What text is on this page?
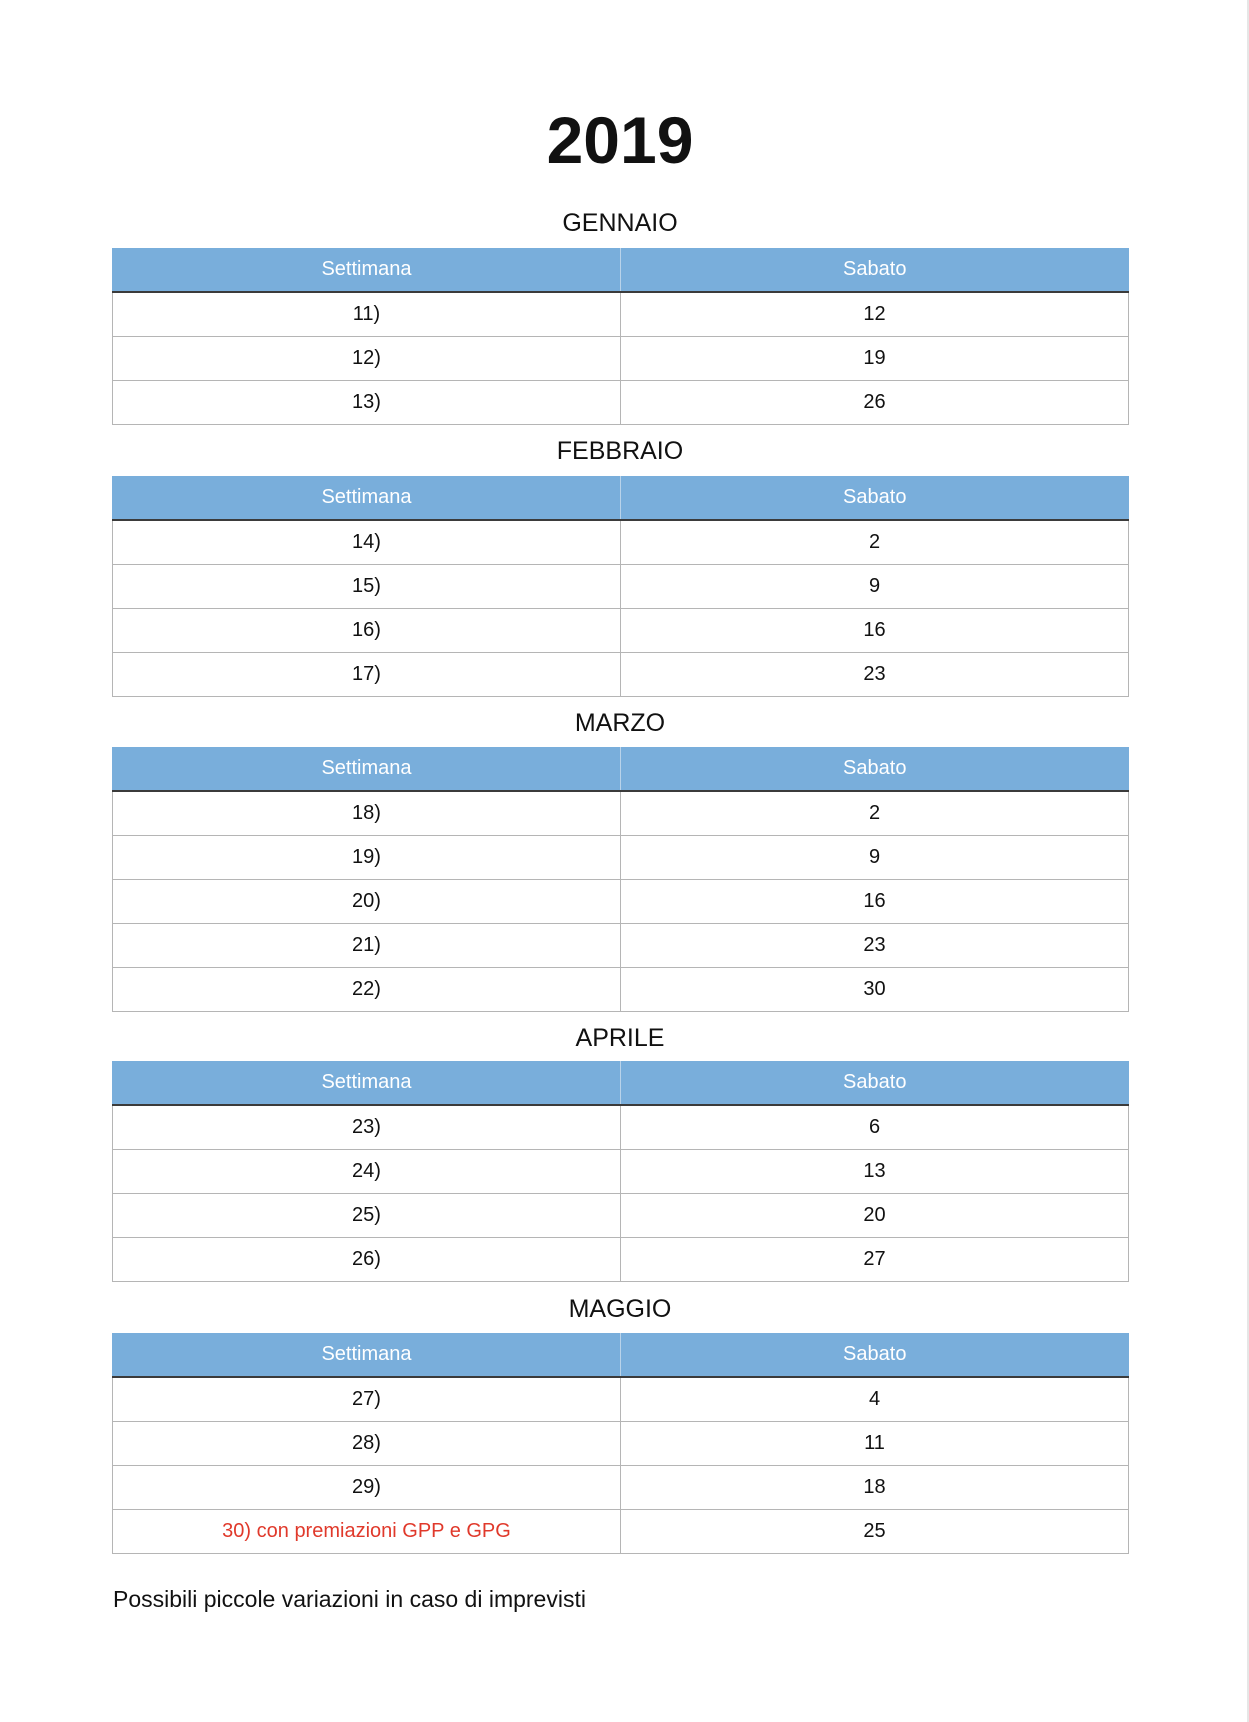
2019
GENNAIO
Settimana	Sabato
11)	12
12)	19
13)	26
FEBBRAIO
Settimana	Sabato
14)	2
15)	9
16)	16
17)	23
MARZO
Settimana	Sabato
18)	2
19)	9
20)	16
21)	23
22)	30
APRILE
Settimana	Sabato
23)	6
24)	13
25)	20
26)	27
MAGGIO
Settimana	Sabato
27)	4
28)	11
29)	18
30) con premiazioni GPP e GPG	25

Possibili piccole variazioni in caso di imprevisti
